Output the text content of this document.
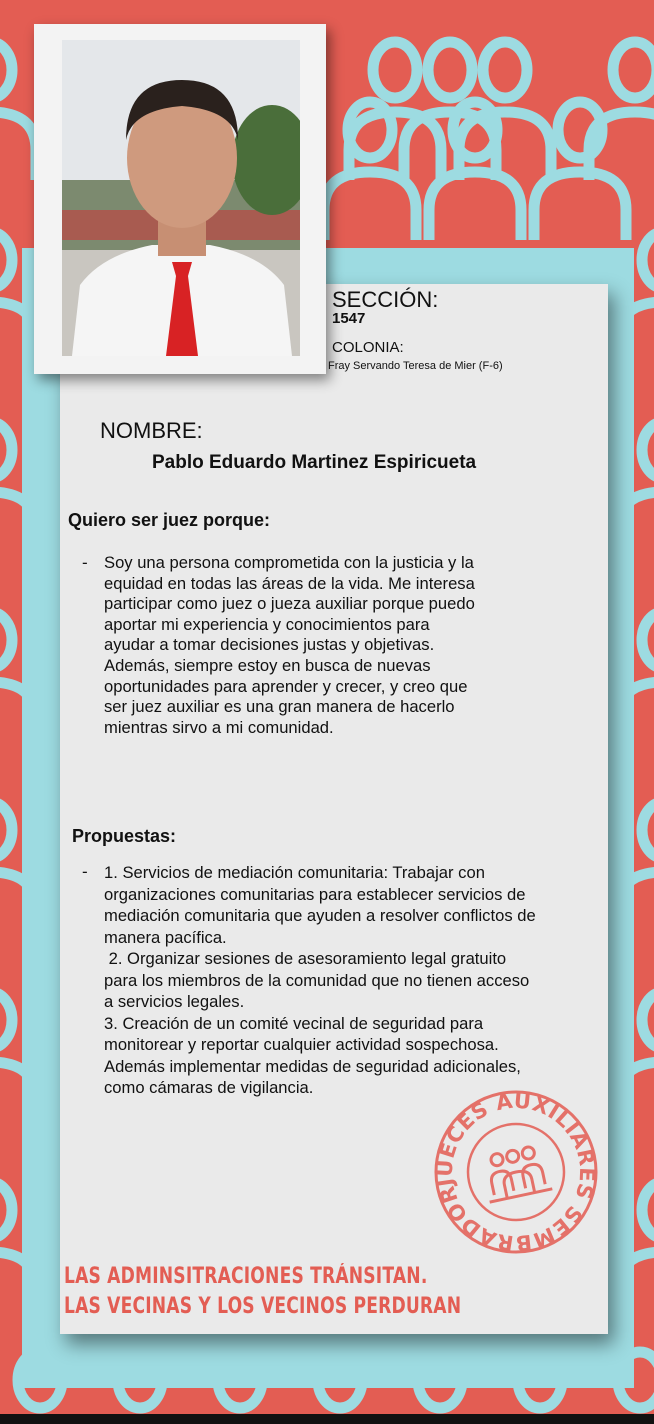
SECCIÓN:
1547
COLONIA:
Fray Servando Teresa de Mier (F-6)
NOMBRE:
Pablo Eduardo Martinez Espiricueta
Quiero ser juez porque:
- Soy una persona comprometida con la justicia y la equidad en todas las áreas de la vida. Me interesa participar como juez o jueza auxiliar porque puedo aportar mi experiencia y conocimientos para ayudar a tomar decisiones justas y objetivas. Además, siempre estoy en busca de nuevas oportunidades para aprender y crecer, y creo que ser juez auxiliar es una gran manera de hacerlo mientras sirvo a mi comunidad.

Propuestas:
- 1. Servicios de mediación comunitaria: Trabajar con
organizaciones comunitarias para establecer servicios de
mediación comunitaria que ayuden a resolver conflictos de
manera pacífica.
2. Organizar sesiones de asesoramiento legal gratuito
para los miembros de la comunidad que no tienen acceso
a servicios legales.
3. Creación de un comité vecinal de seguridad para
monitorear y reportar cualquier actividad sospechosa.
Además implementar medidas de seguridad adicionales,
como cámaras de vigilancia.
JUECES AUXILIARES SEMBRADORES
LAS ADMINSITRACIONES TRÁNSITAN.
LAS VECINAS Y LOS VECINOS PERDURAN
